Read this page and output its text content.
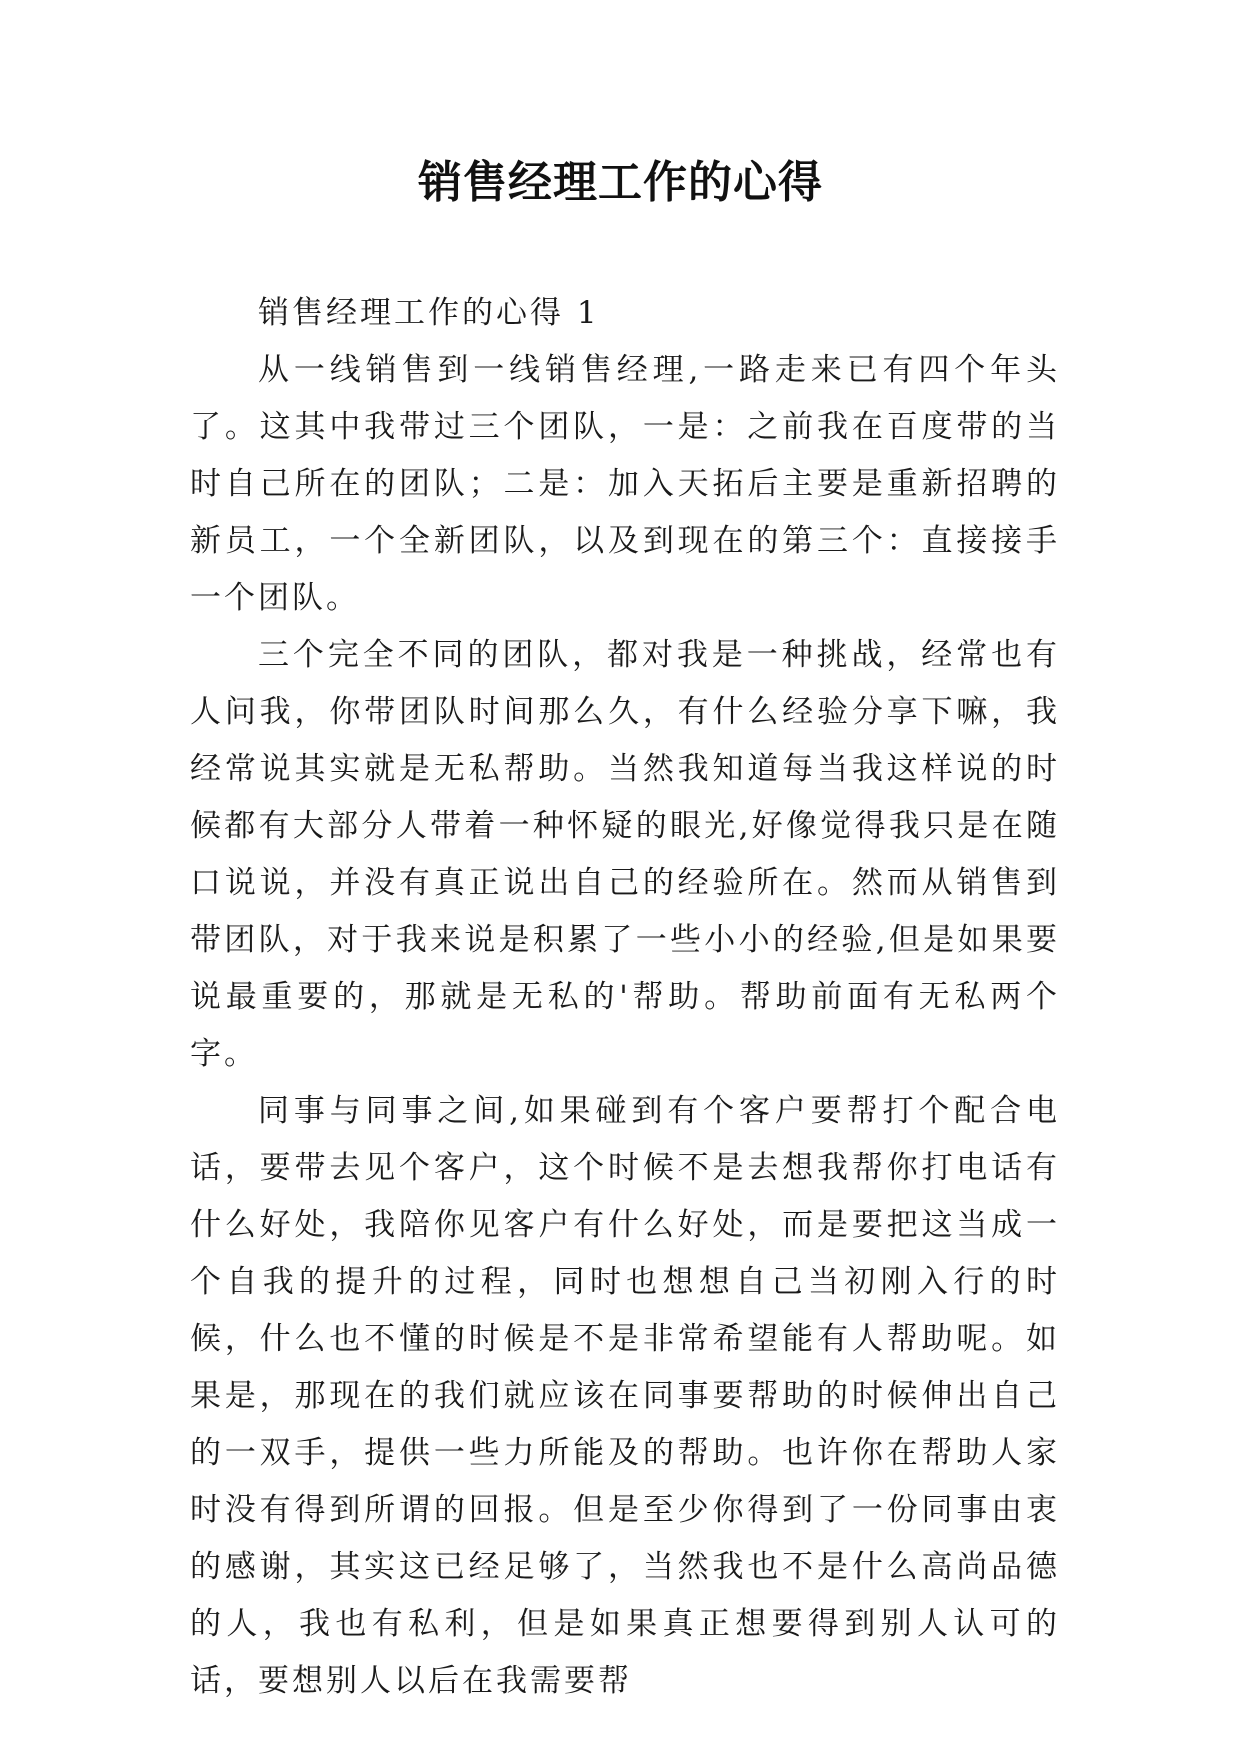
销售经理工作的心得

销售经理工作的心得 1

从一线销售到一线销售经理,一路走来已有四个年头了。这其中我带过三个团队，一是：之前我在百度带的当时自己所在的团队；二是：加入天拓后主要是重新招聘的新员工，一个全新团队，以及到现在的第三个：直接接手一个团队。

三个完全不同的团队，都对我是一种挑战，经常也有人问我，你带团队时间那么久，有什么经验分享下嘛，我经常说其实就是无私帮助。当然我知道每当我这样说的时候都有大部分人带着一种怀疑的眼光,好像觉得我只是在随口说说，并没有真正说出自己的经验所在。然而从销售到带团队，对于我来说是积累了一些小小的经验,但是如果要说最重要的，那就是无私的'帮助。帮助前面有无私两个字。

同事与同事之间,如果碰到有个客户要帮打个配合电话，要带去见个客户，这个时候不是去想我帮你打电话有什么好处，我陪你见客户有什么好处，而是要把这当成一个自我的提升的过程，同时也想想自己当初刚入行的时候，什么也不懂的时候是不是非常希望能有人帮助呢。如果是，那现在的我们就应该在同事要帮助的时候伸出自己的一双手，提供一些力所能及的帮助。也许你在帮助人家时没有得到所谓的回报。但是至少你得到了一份同事由衷的感谢，其实这已经足够了，当然我也不是什么高尚品德的人，我也有私利，但是如果真正想要得到别人认可的话，要想别人以后在我需要帮
